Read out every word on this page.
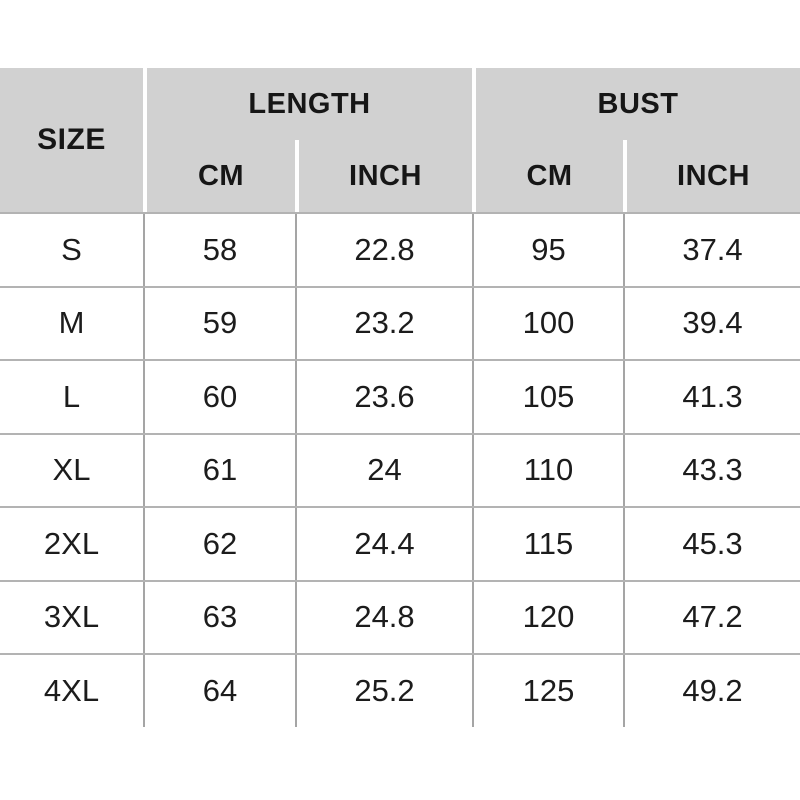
SIZE
LENGTH	BUST
CM	INCH	CM	INCH
S	58	22.8	95	37.4
M	59	23.2	100	39.4
L	60	23.6	105	41.3
XL	61	24	110	43.3
2XL	62	24.4	115	45.3
3XL	63	24.8	120	47.2
4XL	64	25.2	125	49.2
